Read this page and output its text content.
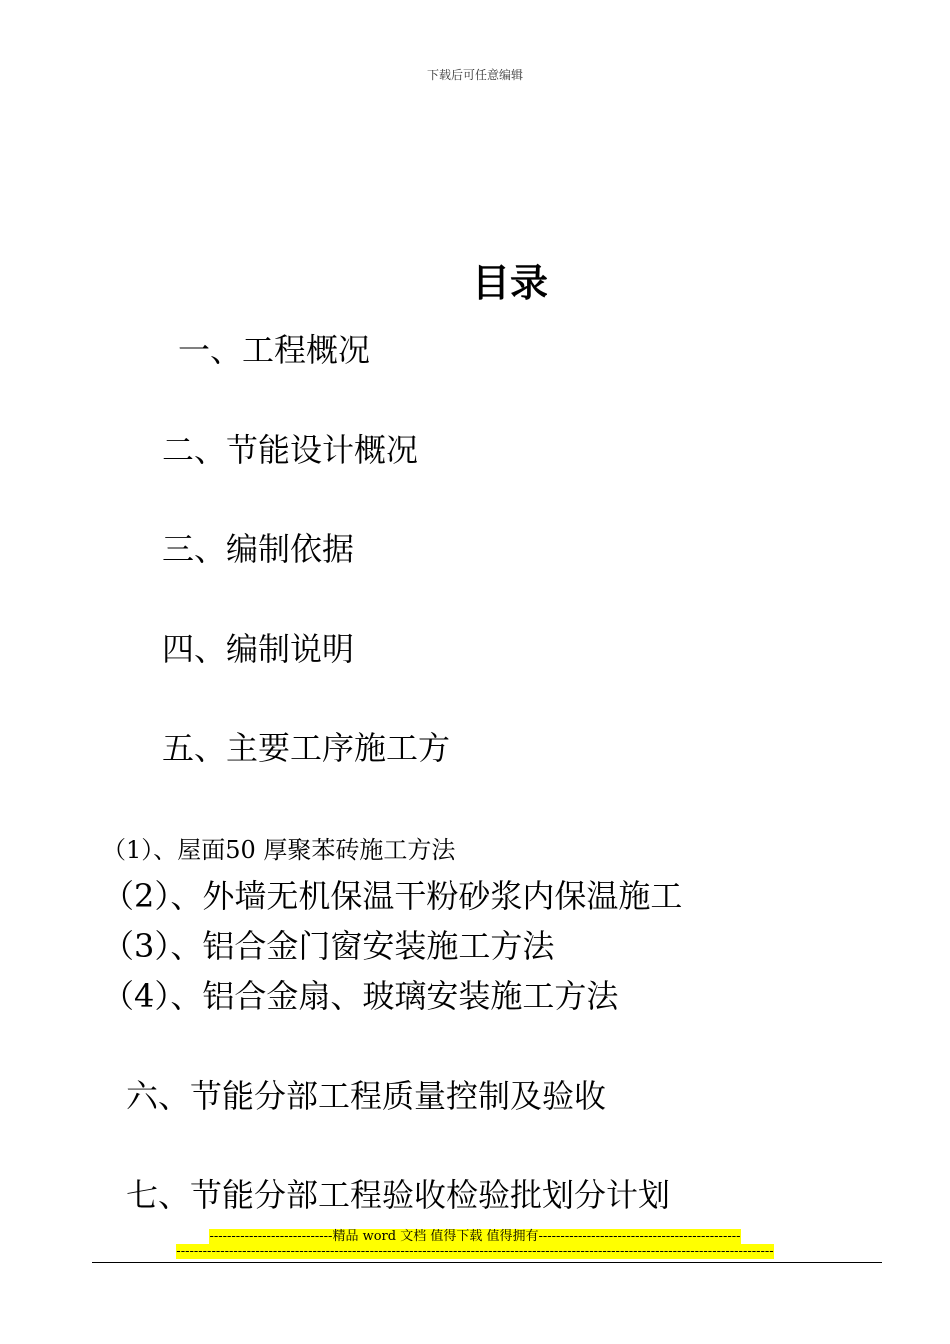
下载后可任意编辑
目录
一、工程概况
二、节能设计概况
三、编制依据
四、编制说明
五、主要工序施工方
（1）、屋面50 厚聚苯砖施工方法
（2）、外墙无机保温干粉砂浆内保温施工
（3）、铝合金门窗安装施工方法
（4）、铝合金扇、玻璃安装施工方法
六、节能分部工程质量控制及验收
七、节能分部工程验收检验批划分计划
----------------------------精品 word 文档 值得下载 值得拥有----------------------------------------------
----------------------------------------------------------------------------------------------------------------------------------------
